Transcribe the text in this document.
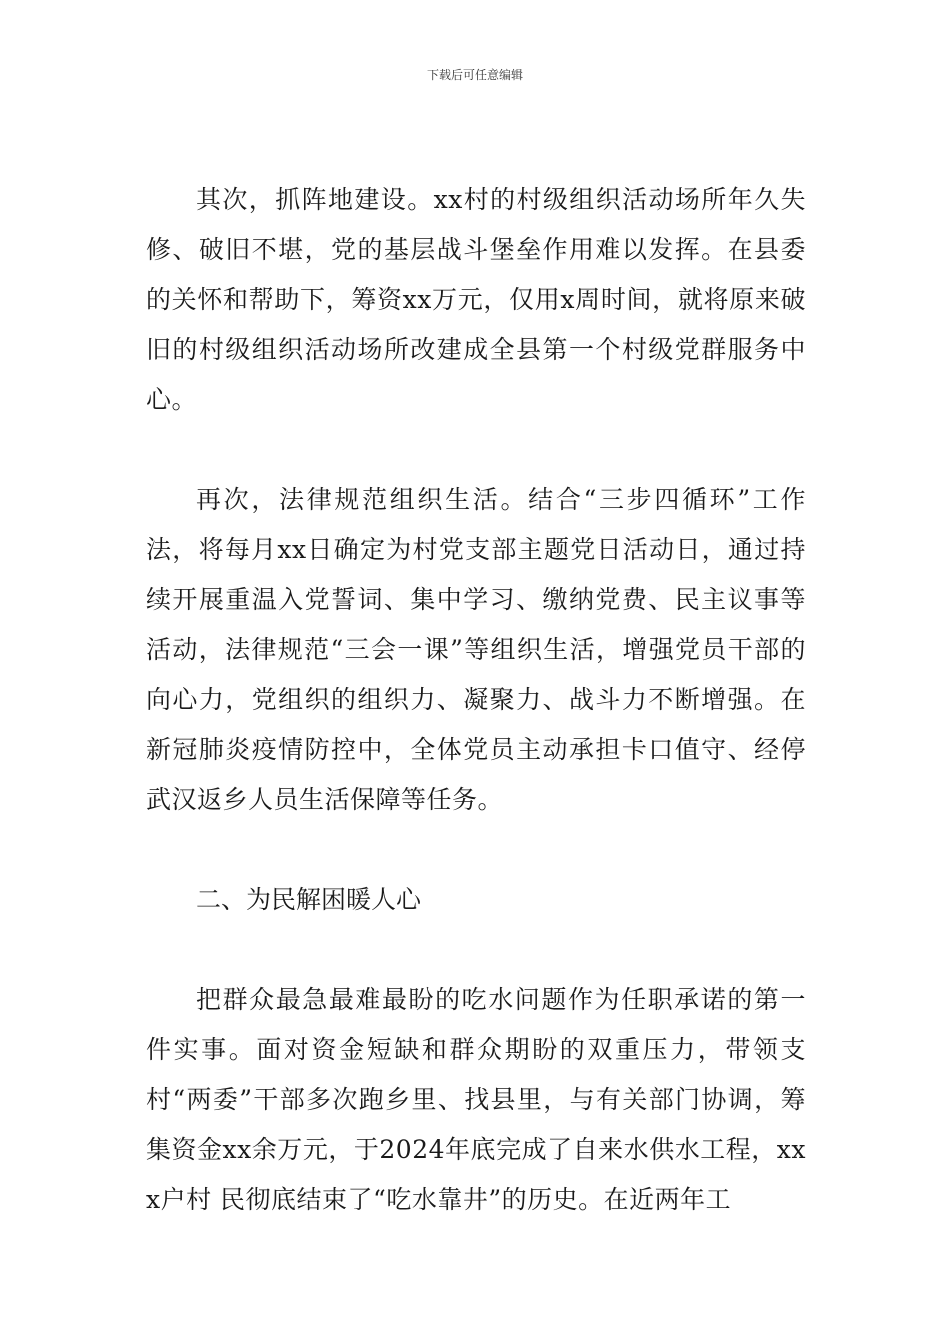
下载后可任意编辑

其次，抓阵地建设。xx村的村级组织活动场所年久失修、破旧不堪，党的基层战斗堡垒作用难以发挥。在县委的关怀和帮助下，筹资xx万元，仅用x周时间，就将原来破旧的村级组织活动场所改建成全县第一个村级党群服务中心。

再次，法律规范组织生活。结合“三步四循环”工作法，将每月xx日确定为村党支部主题党日活动日，通过持续开展重温入党誓词、集中学习、缴纳党费、民主议事等活动，法律规范“三会一课”等组织生活，增强党员干部的向心力，党组织的组织力、凝聚力、战斗力不断增强。在新冠肺炎疫情防控中，全体党员主动承担卡口值守、经停武汉返乡人员生活保障等任务。

二、为民解困暖人心

把群众最急最难最盼的吃水问题作为任职承诺的第一件实事。面对资金短缺和群众期盼的双重压力，带领支村“两委”干部多次跑乡里、找县里，与有关部门协调，筹集资金xx余万元，于2024年底完成了自来水供水工程，xxx户村 民彻底结束了“吃水靠井”的历史。在近两年工
